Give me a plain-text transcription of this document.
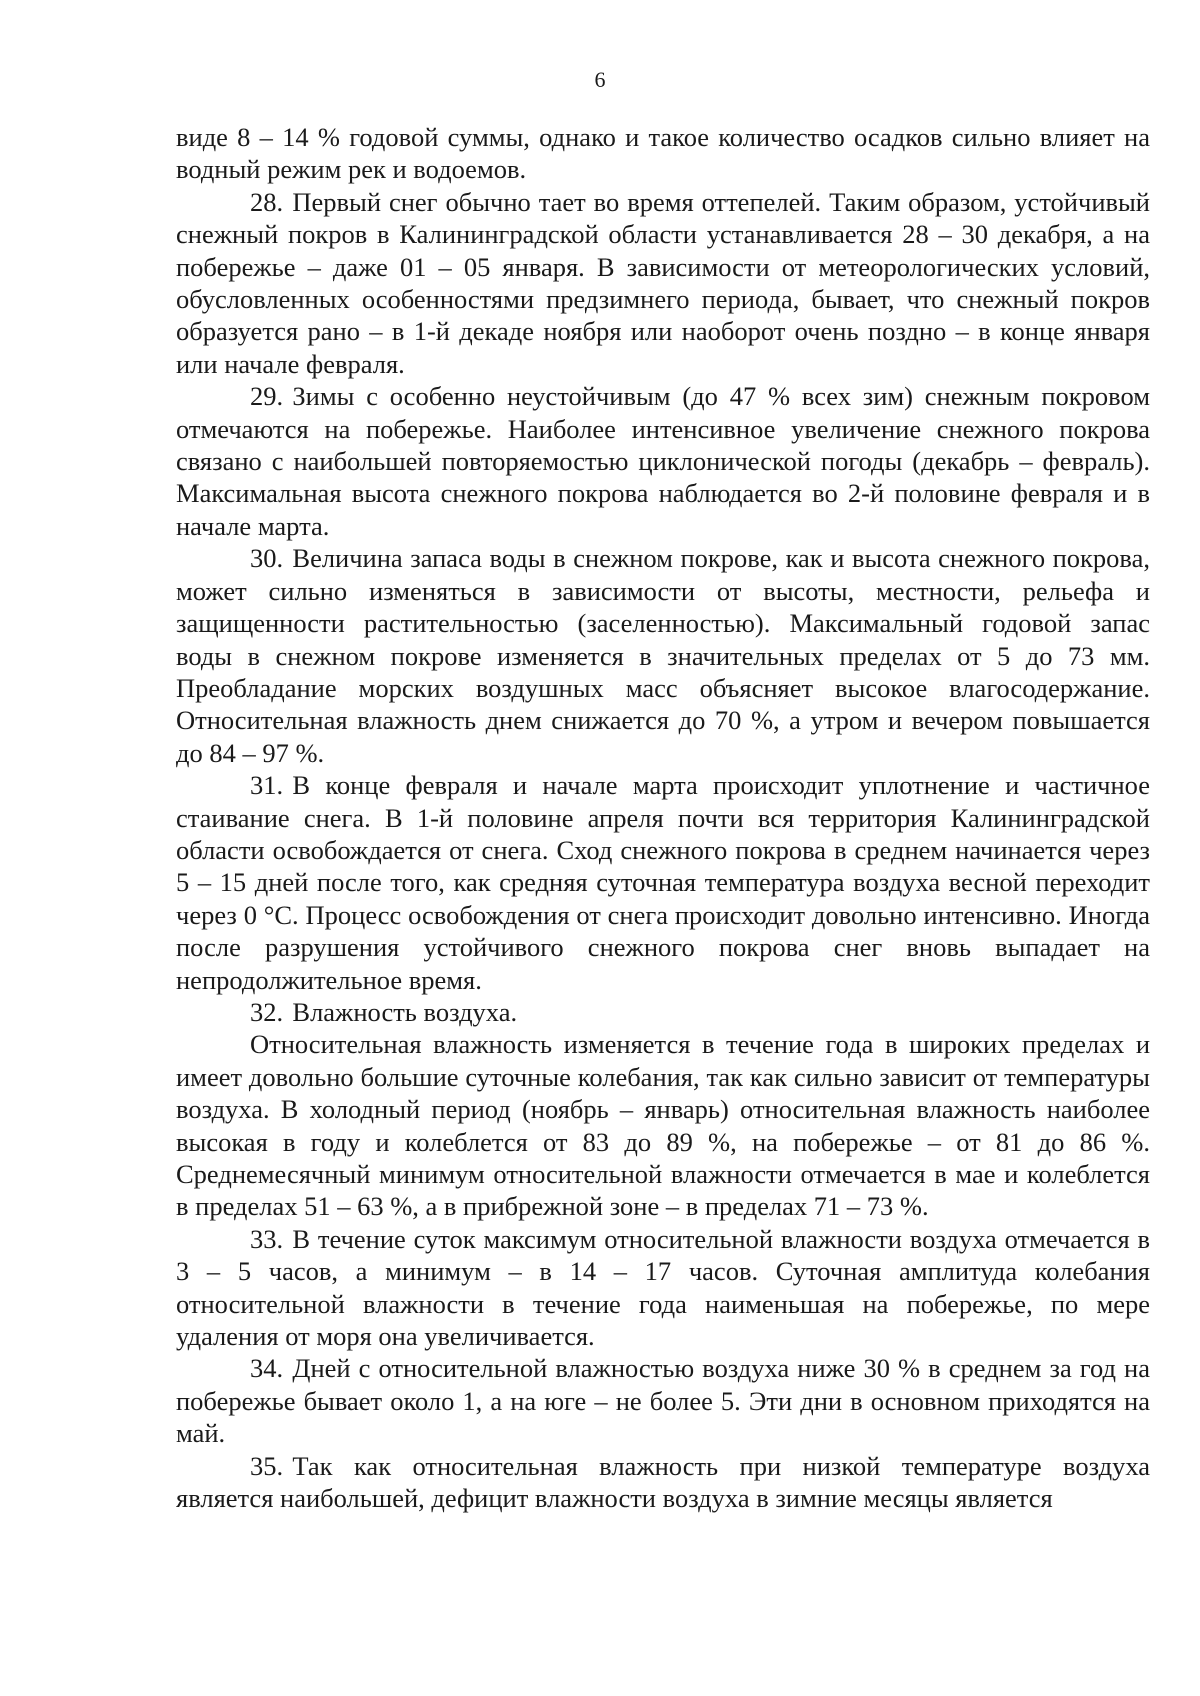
6

виде 8 – 14 % годовой суммы, однако и такое количество осадков сильно влияет на водный режим рек и водоемов.

28. Первый снег обычно тает во время оттепелей. Таким образом, устойчивый снежный покров в Калининградской области устанавливается 28 – 30 декабря, а на побережье – даже 01 – 05 января. В зависимости от метеорологических условий, обусловленных особенностями предзимнего периода, бывает, что снежный покров образуется рано – в 1-й декаде ноября или наоборот очень поздно – в конце января или начале февраля.

29. Зимы с особенно неустойчивым (до 47 % всех зим) снежным покровом отмечаются на побережье. Наиболее интенсивное увеличение снежного покрова связано с наибольшей повторяемостью циклонической погоды (декабрь – февраль). Максимальная высота снежного покрова наблюдается во 2-й половине февраля и в начале марта.

30. Величина запаса воды в снежном покрове, как и высота снежного покрова, может сильно изменяться в зависимости от высоты, местности, рельефа и защищенности растительностью (заселенностью). Максимальный годовой запас воды в снежном покрове изменяется в значительных пределах от 5 до 73 мм. Преобладание морских воздушных масс объясняет высокое влагосодержание. Относительная влажность днем снижается до 70 %, а утром и вечером повышается до 84 – 97 %.

31. В конце февраля и начале марта происходит уплотнение и частичное стаивание снега. В 1-й половине апреля почти вся территория Калининградской области освобождается от снега. Сход снежного покрова в среднем начинается через 5 – 15 дней после того, как средняя суточная температура воздуха весной переходит через 0 °С. Процесс освобождения от снега происходит довольно интенсивно. Иногда после разрушения устойчивого снежного покрова снег вновь выпадает на непродолжительное время.

32. Влажность воздуха.

Относительная влажность изменяется в течение года в широких пределах и имеет довольно большие суточные колебания, так как сильно зависит от температуры воздуха. В холодный период (ноябрь – январь) относительная влажность наиболее высокая в году и колеблется от 83 до 89 %, на побережье – от 81 до 86 %. Среднемесячный минимум относительной влажности отмечается в мае и колеблется в пределах 51 – 63 %, а в прибрежной зоне – в пределах 71 – 73 %.

33. В течение суток максимум относительной влажности воздуха отмечается в 3 – 5 часов, а минимум – в 14 – 17 часов. Суточная амплитуда колебания относительной влажности в течение года наименьшая на побережье, по мере удаления от моря она увеличивается.

34. Дней с относительной влажностью воздуха ниже 30 % в среднем за год на побережье бывает около 1, а на юге – не более 5. Эти дни в основном приходятся на май.

35. Так как относительная влажность при низкой температуре воздуха является наибольшей, дефицит влажности воздуха в зимние месяцы является
